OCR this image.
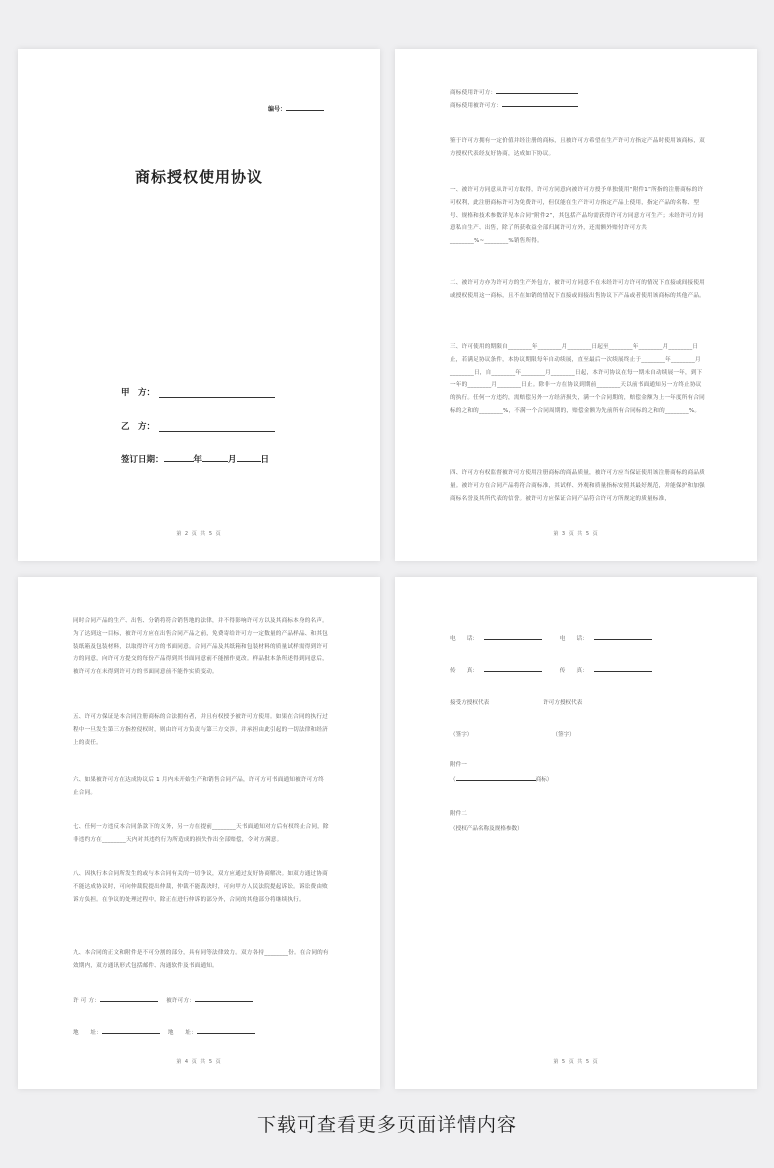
编号：
商标授权使用协议
甲　方：
乙　方：
签订日期：	年	月	日
第 2 页 共 5 页
商标使用许可方：
商标使用被许可方：
鉴于许可方拥有一定价值并经注册的商标，且被许可方希望在生产许可方指定产品时使用该商标，双方授权代表经友好协商，达成如下协议。
一、被许可方同意从许可方取得，许可方同意向被许可方授予单独使用“附件1”所指的注册商标的许可权利，此注册商标许可为免费许可，但仅能在生产许可方指定产品上使用，指定产品的名称、型号、规格和技术参数详见本合同“附件2”，其包括产品均需获得许可方同意方可生产；未经许可方同意私自生产、出售，除了所获收益全部归属许可方外，还需额外赔付许可方共________%~________%销售所得。
二、被许可方亦为许可方的生产外包方，被许可方同意不在未经许可方许可的情况下直接或间接使用或授权使用这一商标，且不在如销的情况下直接或间接出售协议下产品或者使用该商标的其他产品。
三、许可使用的期限自________年________月________日起至________年________月________日止，若满足协议条件，本协议期限每年自动续展，直至最后一次续展终止于________年________月________日，自________年________月________日起，本许可协议在每一期未自动续展一年，到下一年的________月________日止。除非一方在协议到期前________天以前书面通知另一方终止协议的执行。任何一方违约，需赔偿另外一方经济损失，满一个合同期的，赔偿金额为上一年度所有合同标的之和的________%，不满一个合同周期的，赔偿金额为先前所有合同标的之和的________%。
四、许可方有权监督被许可方使用注册商标的商品质量，被许可方应当保证使用该注册商标的商品质量。被许可方在合同产品将符合商标准，其试样、外观和质量指标安照其最好规范，并能保护和加强商标名誉及其所代表的信誉。被许可方应保证合同产品符合许可方所规定的质量标准，
第 3 页 共 5 页
同时合同产品的生产、出售、分销将符合销售地的法律，并不得影响许可方以及其商标本身的名声。为了达到这一目标，被许可方应在出售合同产品之前，免费寄给许可方一定数量的产品样品、和其包装纸箱及包装材料，以取得许可方的书面同意。合同产品及其纸箱和包装材料的质量试样需得到许可方的同意，向许可方提交的每份产品得到其书面同意前不能擅作更改。样品批本条所述得到同意后，被许可方在未得到许可方的书面同意前不能作实质变动。
五、许可方保证是本合同注册商标的合法拥有者，并且有权授予被许可方使用。如果在合同的执行过程中一旦发生第三方指控侵权时，则由许可方负责与第三方交涉，并承担由此引起的一切法律和经济上的责任。
六、如果被许可方在达成协议后 1 月内未开始生产和销售合同产品，许可方可书面通知被许可方终止合同。
七、任何一方违反本合同条款下的义务，另一方在提前________天书面通知对方后有权终止合同，除非违约方在________天内对其违约行为所造成的损失作出全部赔偿，令对方满意。
八、因执行本合同所发生的或与本合同有关的一切争议，双方应通过友好协商解决。如双方通过协商不能达成协议时，可向仲裁院提出仲裁，仲裁不能裁决时，可向甲方人民法院提起诉讼。诉讼费由败诉方负担。在争议的处理过程中，除正在进行仲诉的部分外，合同的其他部分将继续执行。
九、本合同的正文和附件是不可分割的部分，具有同等法律效力。双方各持________份。在合同的有效期内，双方通讯形式包括邮件、沟通软件及书面通知。
许 可 方：	被许可方：
地　　址：	地　　址：
第 4 页 共 5 页
电　　话：	电　　话：
传　　真：	传　　真：
接受方授权代表	许可方授权代表
（签字）	（签字）
附件一
（	商标）
附件二
（授权产品名称及规格参数）
第 5 页 共 5 页
下载可查看更多页面详情内容
